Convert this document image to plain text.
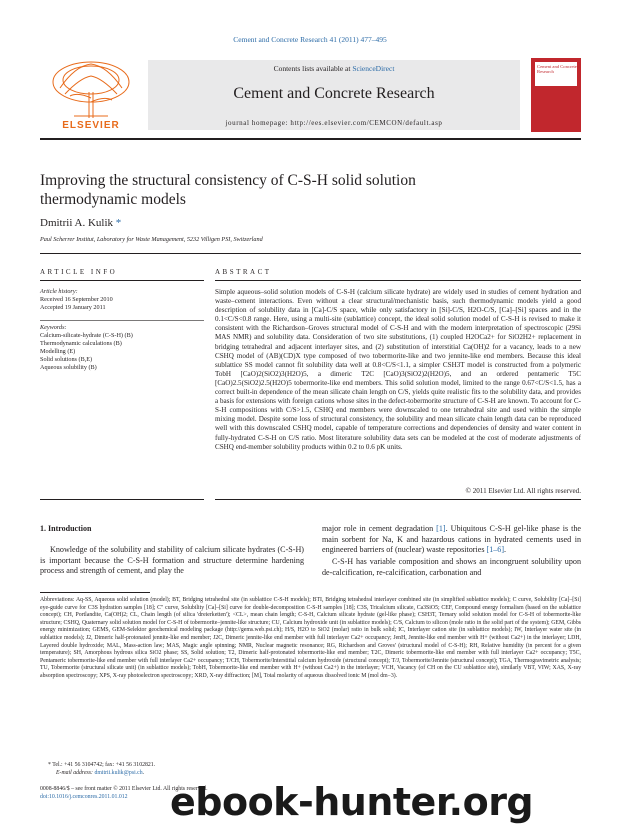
Cement and Concrete Research 41 (2011) 477–495
Contents lists available at ScienceDirect
Cement and Concrete Research
journal homepage: http://ees.elsevier.com/CEMCON/default.asp
ELSEVIER
Cement and Concrete Research
Improving the structural consistency of C-S-H solid solution
thermodynamic models
Dmitrii A. Kulik *
Paul Scherrer Institut, Laboratory for Waste Management, 5232 Villigen PSI, Switzerland
ARTICLE INFO	ABSTRACT
Article history:
Received 16 September 2010
Accepted 19 January 2011
Keywords:
Calcium-silicate-hydrate (C-S-H) (B)
Thermodynamic calculations (B)
Modelling (E)
Solid solutions (B,E)
Aqueous solubility (B)
Simple aqueous–solid solution models of C-S-H (calcium silicate hydrate) are widely used in studies of cement hydration and waste–cement interactions. Even without a clear structural/mechanistic basis, such thermodynamic models yield a good description of solubility data in [Ca]-C/S space, while only satisfactory in [Si]-C/S, H2O-C/S, [Ca]–[Si] spaces and in the 0.1<C/S<0.8 range. Here, using a multi-site (sublattice) concept, the ideal solid solution model of C-S-H is revised to make it consistent with the Richardson–Groves structural model of C-S-H and with the modern interpretation of spectroscopic (29Si MAS NMR) and solubility data. Consideration of two site substitutions, (1) coupled H2OCa2+ for SiO2H2+ replacement in bridging tetrahedral and adjacent interlayer sites, and (2) substitution of interstitial Ca(OH)2 for a vacancy, leads to a new CSHQ model of (AB)(CD)X type composed of two tobermorite-like and two jennite-like end members. Because this ideal sublattice SS model cannot fit solubility data well at 0.8<C/S<1.1, a simpler CSH3T model is constructed from a polymeric TobH [CaO)2(SiO2)3(H2O)5, a dimeric T2C [CaO)3(SiO2)2(H2O)5, and an ordered pentameric T5C [CaO)2.5(SiO2)2.5(H2O)5 tobermorite-like end members. This solid solution model, limited to the range 0.67<C/S<1.5, has a correct built-in dependence of the mean silicate chain length on C/S, yields quite realistic fits to the solubility data, and provides a basis for extensions with foreign cations whose sites in the defect-tobermorite structure of C-S-H are known. To account for C-S-H compositions with C/S>1.5, CSHQ end members were downscaled to one tetrahedral site and used within the simple mixing model. Despite some loss of structural consistency, the solubility and mean silicate chain length data can be reproduced well with this downscaled CSHQ model, capable of temperature corrections and dependencies of density and water content in fully-hydrated C-S-H on C/S ratio. Most literature solubility data sets can be modeled at the cost of moderate adjustments of CSHQ end-member solubility products within 0.2 to 0.6 pK units.
© 2011 Elsevier Ltd. All rights reserved.
1. Introduction
Knowledge of the solubility and stability of calcium silicate hydrates (C-S-H) is important because the C-S-H formation and structure determine hardening process and strength of cement, and play the
major role in cement degradation [1]. Ubiquitous C-S-H gel-like phase is the main sorbent for Na, K and hazardous cations in hydrated cements used in engineered barriers of (nuclear) waste repositories [1–6].
C-S-H has variable composition and shows an incongruent solubility upon de-calcification, re-calcification, carbonation and
Abbreviations: Aq-SS, Aqueous solid solution (model); BT, Bridging tetrahedral site (in sublattice C-S-H models); BTI, Bridging tetrahedral interlayer combined site (in simplified sublattice models); C curve, Solubility [Ca]–[Si] eye-guide curve for C3S hydration samples [18]; C" curve, Solubility [Ca]–[Si] curve for double-decomposition C-S-H samples [18]; C3S, Tricalcium silicate, Ca3SiO5; CEF, Compound energy formalism (based on the sublattice concept); CH, Portlandite, Ca(OH)2; CL, Chain length (of silica 'dreierketten'); <CL>, mean chain length; C-S-H, Calcium silicate hydrate (gel-like phase); CSH3T, Ternary solid solution model for C-S-H of tobermorite-like structure; CSHQ, Quaternary solid solution model for C-S-H of tobermorite–jennite-like structure; CU, Calcium hydroxide unit (in sublattice models); C/S, Calcium to silicon (mole ratio in the solid part of the system); GEM, Gibbs energy minimization; GEMS, GEM-Selektor geochemical modeling package (http://gems.web.psi.ch); H/S, H2O to SiO2 (molar) ratio in bulk solid; IC, Interlayer cation site (in sublattice models); IW, Interlayer water site (in sublattice models); J2, Dimeric half-protonated jennite-like end member; J2C, Dimeric jennite-like end member with full interlayer Ca2+ occupancy; JenH, Jennite-like end member with H+ (without Ca2+) in the interlayer; LDH, Layered double hydroxide; MAL, Mass-action law; MAS, Magic angle spinning; NMR, Nuclear magnetic resonance; RG, Richardson and Groves' (structural model of C-S-H); RH, Relative humidity (in percent for a given temperature); SH, Amorphous hydrous silica SiO2 phase; SS, Solid solution; T2, Dimeric half-protonated tobermorite-like end member; T2C, Dimeric tobermorite-like end member with full interlayer Ca2+ occupancy; T5C, Pentameric tobermorite-like end member with full interlayer Ca2+ occupancy; T/CH, Tobermorite/Interstitial calcium hydroxide (structural concept); T/J, Tobermorite/Jennite (structural concept); TGA, Thermogravimetric analysis; TU, Tobermorite (structural silicate unit) (in sublattice models); TobH, Tobermorite-like end member with H+ (without Ca2+) in the interlayer; VCH, Vacancy (of CH on the CU sublattice site), similarly VBT, VIW; XAS, X-ray absorption spectroscopy; XPS, X-ray photoelectron spectroscopy; XRD, X-ray diffraction; [M], Total molarity of aqueous dissolved ionic M (mol dm−3).
* Tel.: +41 56 3104742; fax: +41 56 3102821.
E-mail address: dmitrii.kulik@psi.ch.
0008-8846/$ – see front matter © 2011 Elsevier Ltd. All rights reserved.
doi:10.1016/j.cemconres.2011.01.012 ebook-hunter.org
